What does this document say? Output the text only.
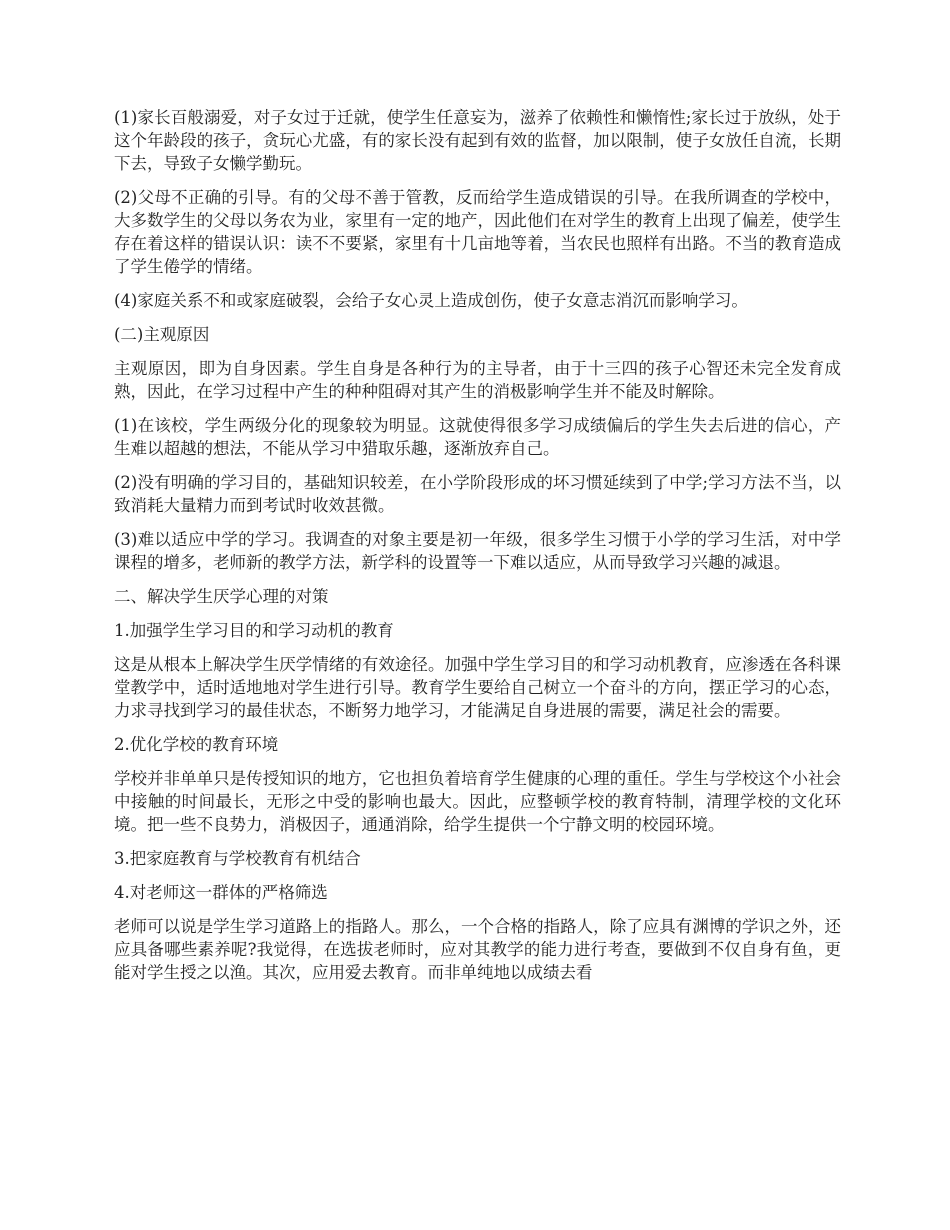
(1)家长百般溺爱，对子女过于迁就，使学生任意妄为，滋养了依赖性和懒惰性;家长过于放纵，处于这个年龄段的孩子，贪玩心尤盛，有的家长没有起到有效的监督，加以限制，使子女放任自流，长期下去，导致子女懒学勤玩。

(2)父母不正确的引导。有的父母不善于管教，反而给学生造成错误的引导。在我所调查的学校中，大多数学生的父母以务农为业，家里有一定的地产，因此他们在对学生的教育上出现了偏差，使学生存在着这样的错误认识：读不不要紧，家里有十几亩地等着，当农民也照样有出路。不当的教育造成了学生倦学的情绪。

(4)家庭关系不和或家庭破裂，会给子女心灵上造成创伤，使子女意志消沉而影响学习。

(二)主观原因

主观原因，即为自身因素。学生自身是各种行为的主导者，由于十三四的孩子心智还未完全发育成熟，因此，在学习过程中产生的种种阻碍对其产生的消极影响学生并不能及时解除。

(1)在该校，学生两级分化的现象较为明显。这就使得很多学习成绩偏后的学生失去后进的信心，产生难以超越的想法，不能从学习中猎取乐趣，逐渐放弃自己。

(2)没有明确的学习目的，基础知识较差，在小学阶段形成的坏习惯延续到了中学;学习方法不当，以致消耗大量精力而到考试时收效甚微。

(3)难以适应中学的学习。我调查的对象主要是初一年级，很多学生习惯于小学的学习生活，对中学课程的增多，老师新的教学方法，新学科的设置等一下难以适应，从而导致学习兴趣的减退。

二、解决学生厌学心理的对策

1.加强学生学习目的和学习动机的教育

这是从根本上解决学生厌学情绪的有效途径。加强中学生学习目的和学习动机教育，应渗透在各科课堂教学中，适时适地地对学生进行引导。教育学生要给自己树立一个奋斗的方向，摆正学习的心态，力求寻找到学习的最佳状态，不断努力地学习，才能满足自身进展的需要，满足社会的需要。

2.优化学校的教育环境

学校并非单单只是传授知识的地方，它也担负着培育学生健康的心理的重任。学生与学校这个小社会中接触的时间最长，无形之中受的影响也最大。因此，应整顿学校的教育特制，清理学校的文化环境。把一些不良势力，消极因子，通通消除，给学生提供一个宁静文明的校园环境。

3.把家庭教育与学校教育有机结合

4.对老师这一群体的严格筛选

老师可以说是学生学习道路上的指路人。那么，一个合格的指路人，除了应具有渊博的学识之外，还应具备哪些素养呢?我觉得，在选拔老师时，应对其教学的能力进行考查，要做到不仅自身有鱼，更能对学生授之以渔。其次，应用爱去教育。而非单纯地以成绩去看
